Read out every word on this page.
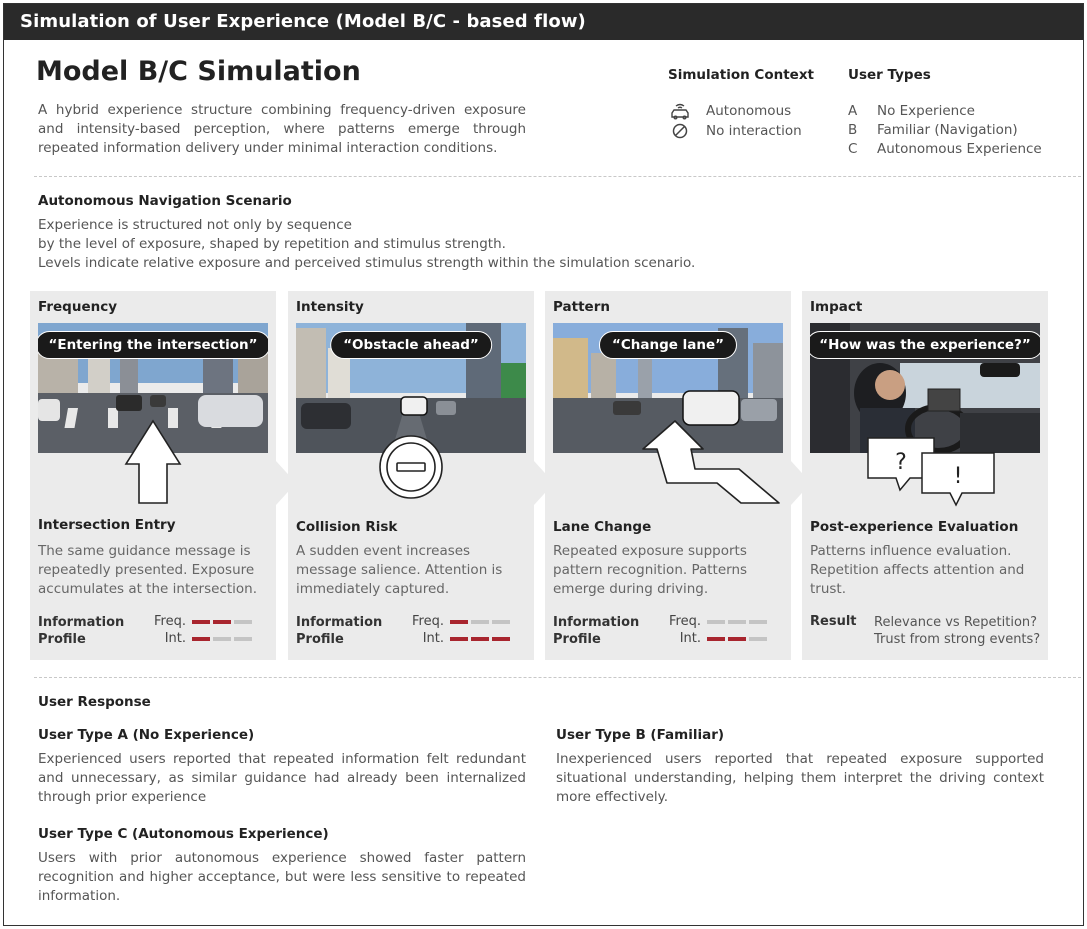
Simulation of User Experience (Model B/C - based flow)
Model B/C Simulation
A hybrid experience structure combining frequency-driven exposure and intensity-based perception, where patterns emerge through repeated information delivery under minimal interaction conditions.
Simulation Context
Autonomous
No interaction
User Types
A	No Experience
B	Familiar (Navigation)
C	Autonomous Experience
Autonomous Navigation Scenario
Experience is structured not only by sequence
by the level of exposure, shaped by repetition and stimulus strength.
Levels indicate relative exposure and perceived stimulus strength within the simulation scenario.
Frequency
“Entering the intersection”
Intersection Entry
The same guidance message is repeatedly presented. Exposure accumulates at the intersection.
Information Profile
Freq.
Int.
Intensity
“Obstacle ahead”
Collision Risk
A sudden event increases message salience. Attention is immediately captured.
Information Profile
Freq.
Int.
Pattern
“Change lane”
Lane Change
Repeated exposure supports pattern recognition. Patterns emerge during driving.
Information Profile
Freq.
Int.
Impact
“How was the experience?”
?
!
Post-experience Evaluation
Patterns influence evaluation. Repetition affects attention and trust.
Result Relevance vs Repetition?
Trust from strong events?
User Response
User Type A (No Experience)
Experienced users reported that repeated information felt redundant and unnecessary, as similar guidance had already been internalized through prior experience
User Type B (Familiar)
Inexperienced users reported that repeated exposure supported situational understanding, helping them interpret the driving context more effectively.
User Type C (Autonomous Experience)
Users with prior autonomous experience showed faster pattern recognition and higher acceptance, but were less sensitive to repeated information.
